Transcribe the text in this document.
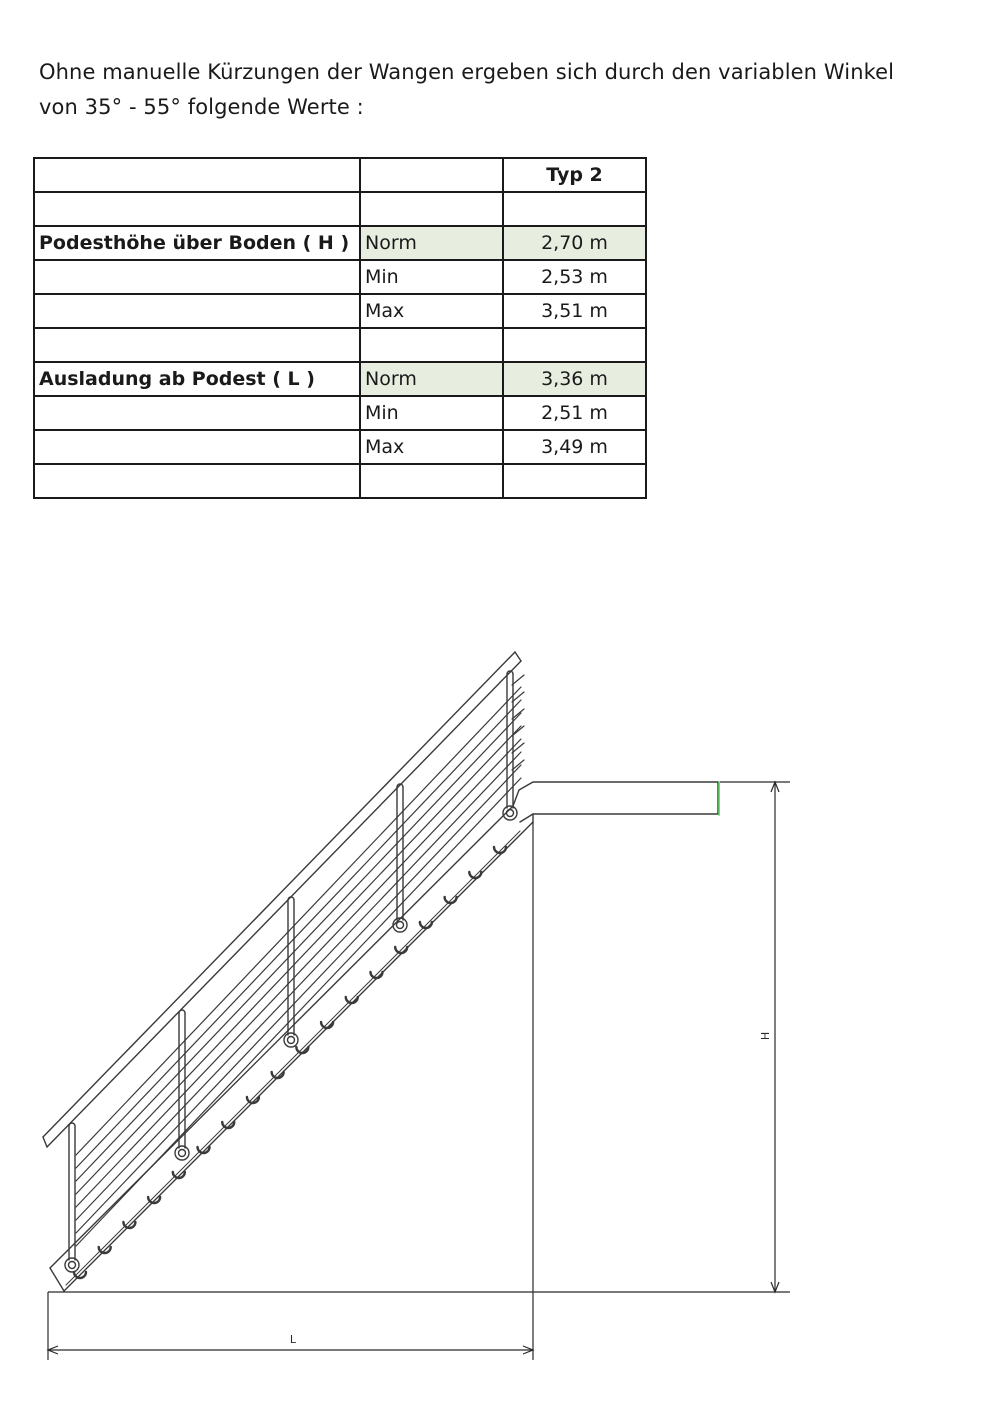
Ohne manuelle Kürzungen der Wangen ergeben sich durch den variablen Winkel

von 35° - 55° folgende Werte :

		Typ 2

Podesthöhe über Boden ( H )	Norm	2,70 m
	Min	2,53 m
	Max	3,51 m

Ausladung ab Podest ( L )	Norm	3,36 m
	Min	2,51 m
	Max	3,49 m

H
L
